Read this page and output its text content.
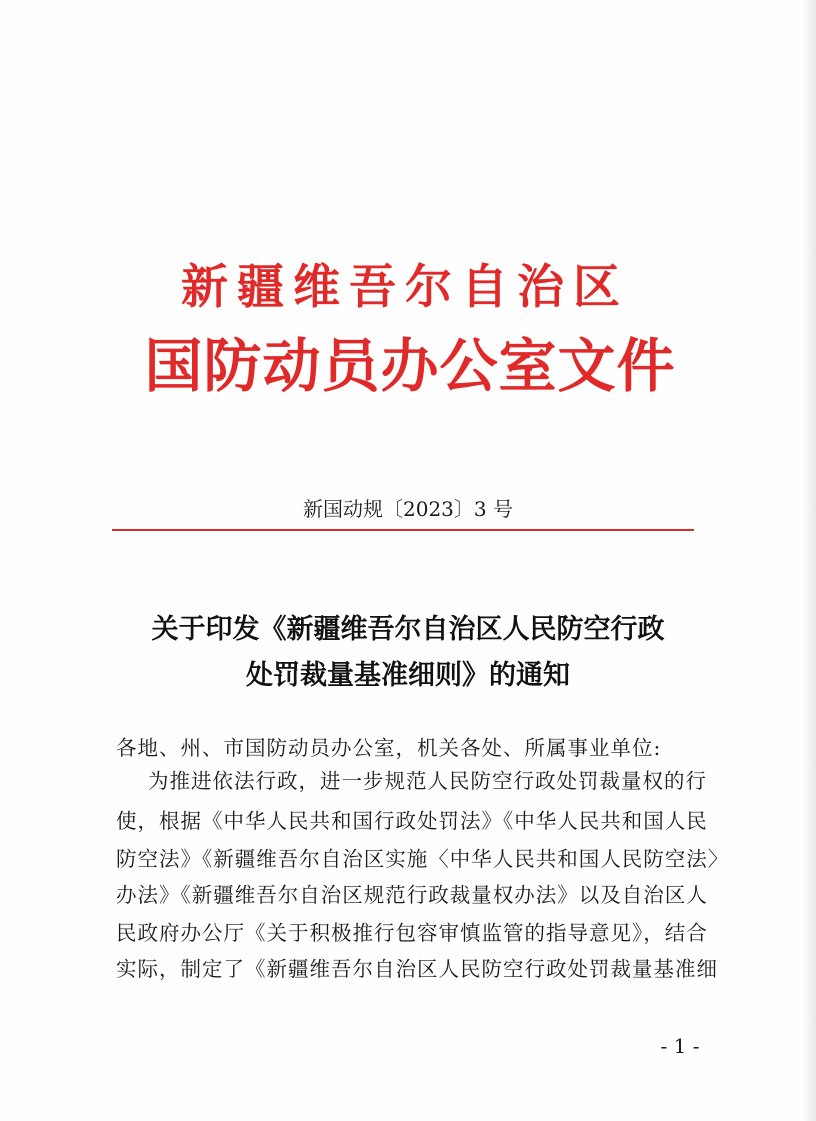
新疆维吾尔自治区
国防动员办公室文件
新国动规〔2023〕3 号
关于印发《新疆维吾尔自治区人民防空行政
处罚裁量基准细则》的通知
各地、州、市国防动员办公室，机关各处、所属事业单位:
为推进依法行政，进一步规范人民防空行政处罚裁量权的行
使，根据《中华人民共和国行政处罚法》《中华人民共和国人民
防空法》《新疆维吾尔自治区实施〈中华人民共和国人民防空法〉
办法》《新疆维吾尔自治区规范行政裁量权办法》以及自治区人
民政府办公厅《关于积极推行包容审慎监管的指导意见》，结合
实际，制定了《新疆维吾尔自治区人民防空行政处罚裁量基准细
- 1 -
